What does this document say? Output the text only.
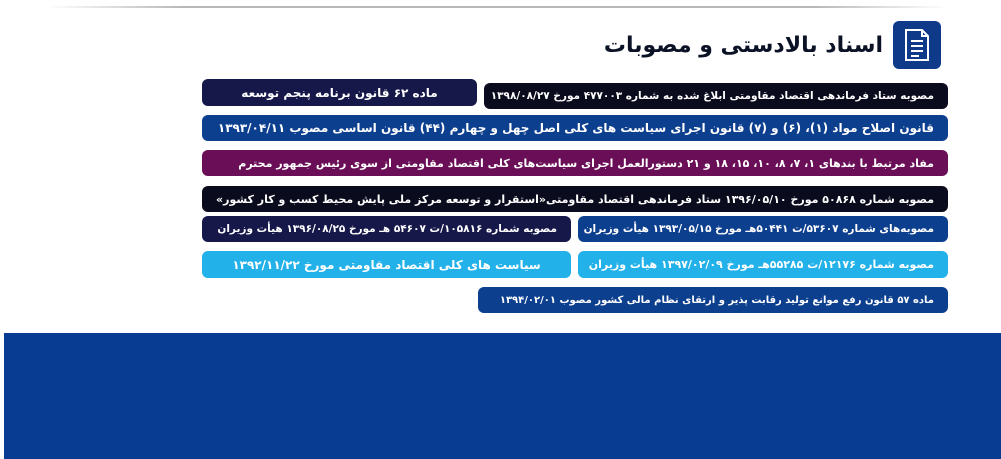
اسناد بالادستی و مصوبات
مصوبه ستاد فرماندهی اقتصاد مقاومتی ابلاغ شده به شماره ۴۷۷۰۰۳ مورخ ۱۳۹۸/۰۸/۲۷
ماده ۶۲ قانون برنامه پنجم توسعه
قانون اصلاح مواد (۱)، (۶) و (۷) قانون اجرای سیاست های کلی اصل چهل و چهارم (۴۴) قانون اساسی مصوب ۱۳۹۳/۰۴/۱۱
مفاد مرتبط با بندهای ۱، ۷، ۸، ۱۰، ۱۵، ۱۸ و ۲۱ دستورالعمل اجرای سیاست‌های کلی اقتصاد مقاومتی از سوی رئیس جمهور محترم
مصوبه شماره ۵۰۸۶۸ مورخ ۱۳۹۶/۰۵/۱۰ ستاد فرماندهی اقتصاد مقاومتی«استقرار و توسعه مرکز ملی پایش محیط کسب و کار کشور»
مصوبه‌های شماره ۵۳۶۰۷/ت ۵۰۴۴۱هـ مورخ ۱۳۹۳/۰۵/۱۵ هیأت وزیران
مصوبه شماره ۱۰۵۸۱۶/ت ۵۴۶۰۷ هـ مورخ ۱۳۹۶/۰۸/۲۵ هیأت وزیران
مصوبه شماره ۱۲۱۷۶/ت ۵۵۲۸۵هـ مورخ ۱۳۹۷/۰۲/۰۹ هیأت وزیران
سیاست های کلی اقتصاد مقاومتی مورخ ۱۳۹۲/۱۱/۲۲
ماده ۵۷ قانون رفع موانع تولید رقابت پذیر و ارتقای نظام مالی کشور مصوب ۱۳۹۴/۰۲/۰۱
